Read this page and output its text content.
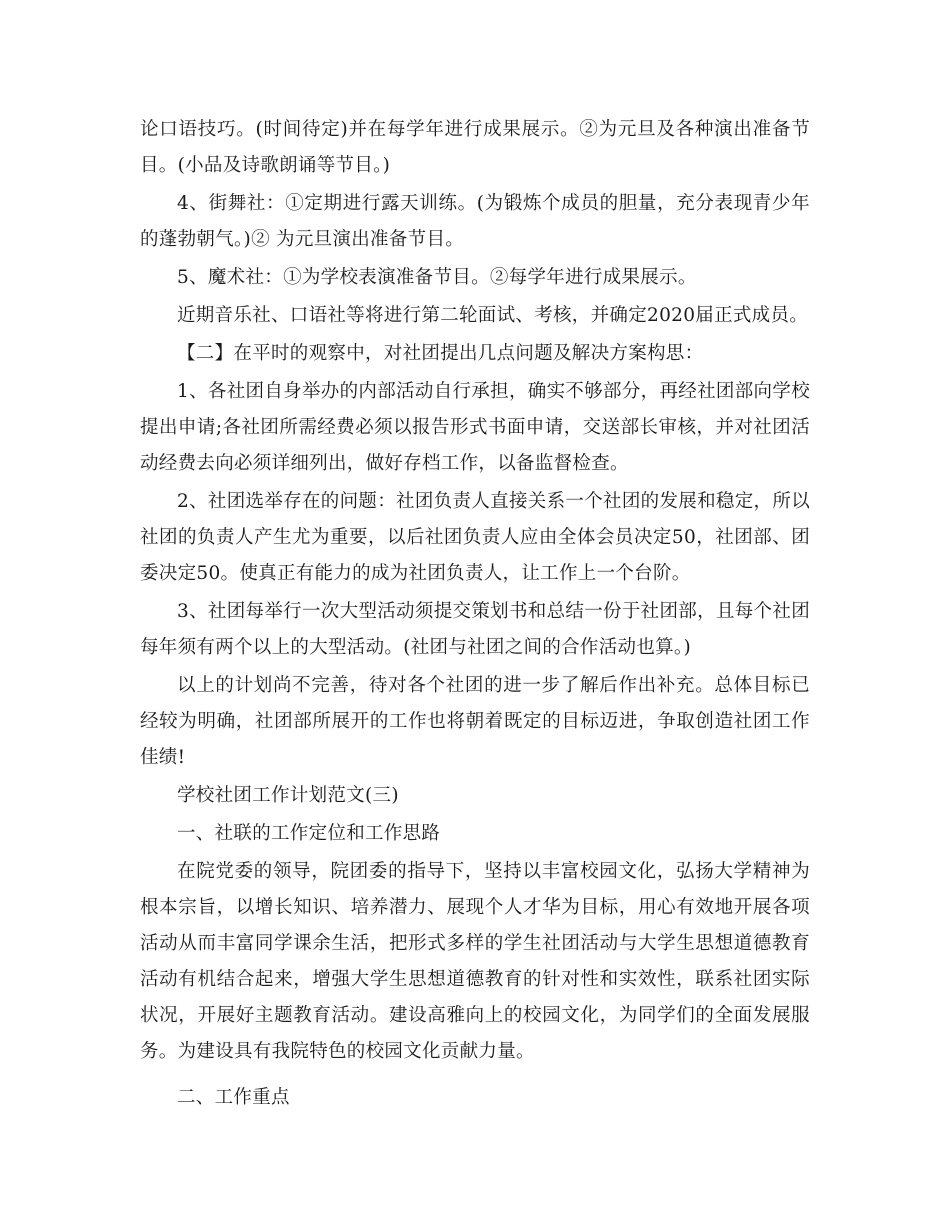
论口语技巧。(时间待定)并在每学年进行成果展示。②为元旦及各种演出准备节目。(小品及诗歌朗诵等节目。)

4、街舞社：①定期进行露天训练。(为锻炼个成员的胆量，充分表现青少年的蓬勃朝气。)② 为元旦演出准备节目。

5、魔术社：①为学校表演准备节目。②每学年进行成果展示。

近期音乐社、口语社等将进行第二轮面试、考核，并确定2020届正式成员。

【二】在平时的观察中，对社团提出几点问题及解决方案构思：

1、各社团自身举办的内部活动自行承担，确实不够部分，再经社团部向学校提出申请;各社团所需经费必须以报告形式书面申请，交送部长审核，并对社团活动经费去向必须详细列出，做好存档工作，以备监督检查。

2、社团选举存在的问题：社团负责人直接关系一个社团的发展和稳定，所以社团的负责人产生尤为重要，以后社团负责人应由全体会员决定50，社团部、团委决定50。使真正有能力的成为社团负责人，让工作上一个台阶。

3、社团每举行一次大型活动须提交策划书和总结一份于社团部，且每个社团每年须有两个以上的大型活动。(社团与社团之间的合作活动也算。)

以上的计划尚不完善，待对各个社团的进一步了解后作出补充。总体目标已经较为明确，社团部所展开的工作也将朝着既定的目标迈进，争取创造社团工作佳绩!

学校社团工作计划范文(三)

一、社联的工作定位和工作思路

在院党委的领导，院团委的指导下，坚持以丰富校园文化，弘扬大学精神为根本宗旨，以增长知识、培养潜力、展现个人才华为目标，用心有效地开展各项活动从而丰富同学课余生活，把形式多样的学生社团活动与大学生思想道德教育活动有机结合起来，增强大学生思想道德教育的针对性和实效性，联系社团实际状况，开展好主题教育活动。建设高雅向上的校园文化，为同学们的全面发展服务。为建设具有我院特色的校园文化贡献力量。

二、工作重点
